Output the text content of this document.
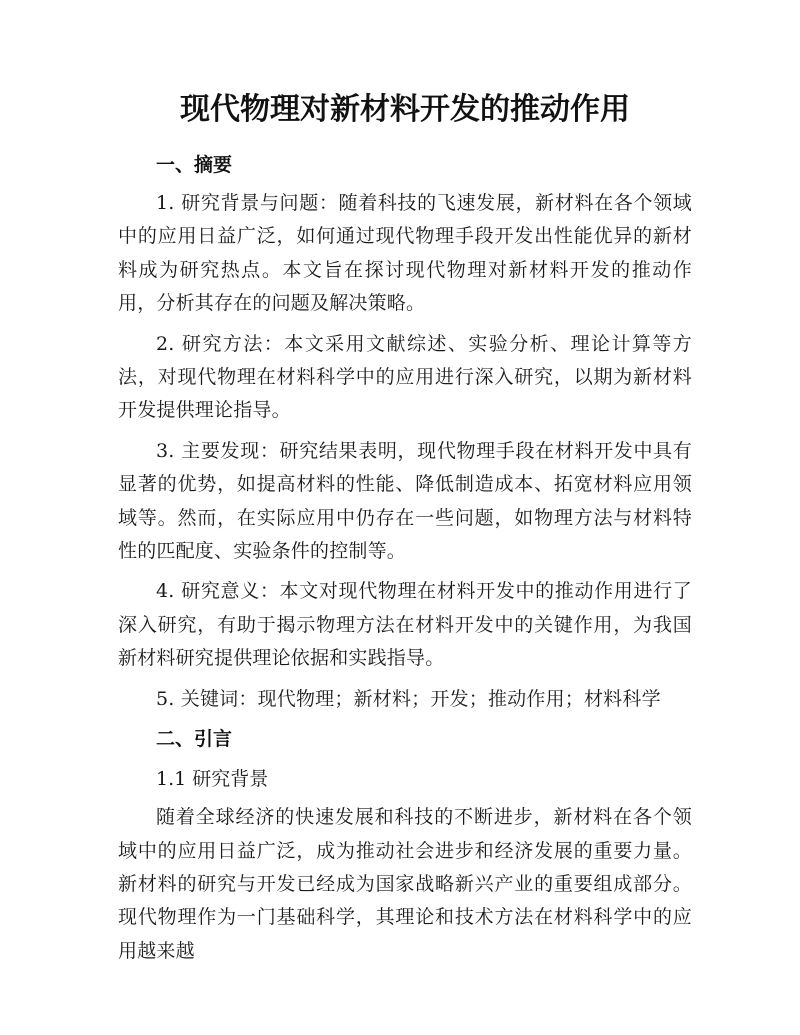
现代物理对新材料开发的推动作用
一、摘要

1. 研究背景与问题：随着科技的飞速发展，新材料在各个领域中的应用日益广泛，如何通过现代物理手段开发出性能优异的新材料成为研究热点。本文旨在探讨现代物理对新材料开发的推动作用，分析其存在的问题及解决策略。

2. 研究方法：本文采用文献综述、实验分析、理论计算等方法，对现代物理在材料科学中的应用进行深入研究，以期为新材料开发提供理论指导。

3. 主要发现：研究结果表明，现代物理手段在材料开发中具有显著的优势，如提高材料的性能、降低制造成本、拓宽材料应用领域等。然而，在实际应用中仍存在一些问题，如物理方法与材料特性的匹配度、实验条件的控制等。

4. 研究意义：本文对现代物理在材料开发中的推动作用进行了深入研究，有助于揭示物理方法在材料开发中的关键作用，为我国新材料研究提供理论依据和实践指导。

5. 关键词：现代物理；新材料；开发；推动作用；材料科学

二、引言
1.1 研究背景

随着全球经济的快速发展和科技的不断进步，新材料在各个领域中的应用日益广泛，成为推动社会进步和经济发展的重要力量。新材料的研究与开发已经成为国家战略新兴产业的重要组成部分。现代物理作为一门基础科学，其理论和技术方法在材料科学中的应用越来越
